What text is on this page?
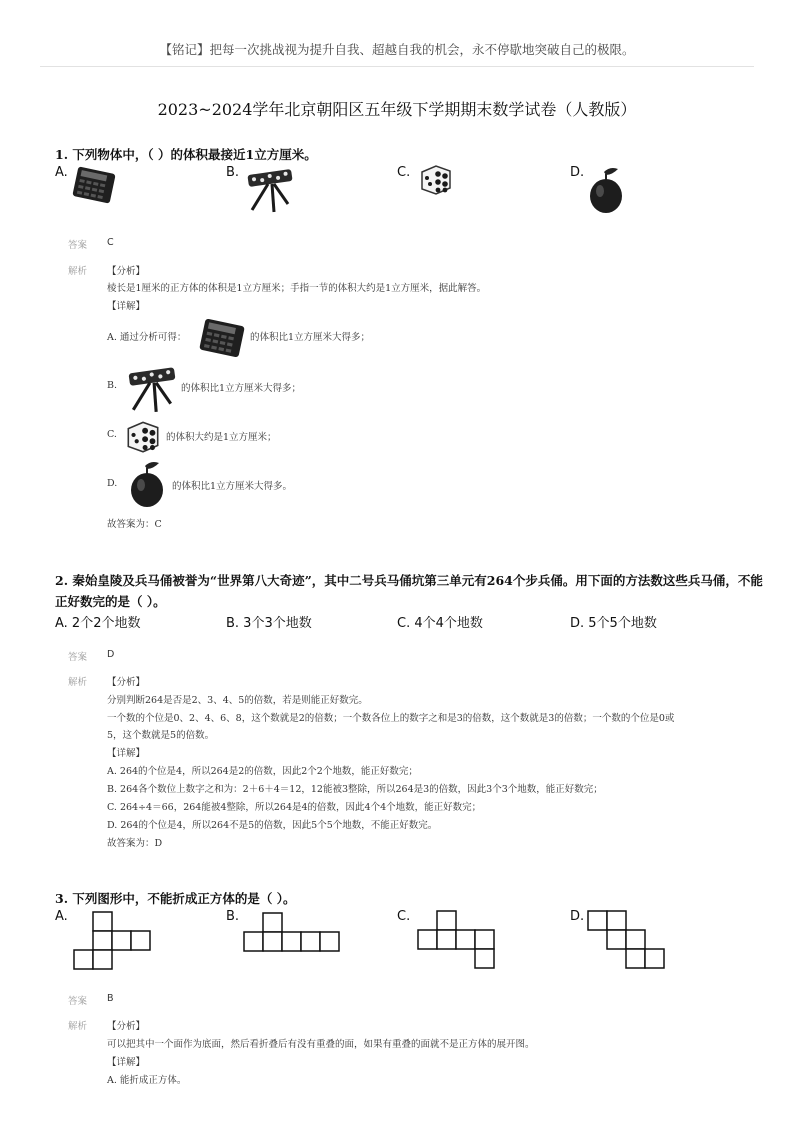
【铭记】把每一次挑战视为提升自我、超越自我的机会，永不停歇地突破自己的极限。
2023~2024学年北京朝阳区五年级下学期期末数学试卷（人教版）
1. 下列物体中，（ ）的体积最接近1立方厘米。
A.	B.	C.	D.
答案 C
解析 【分析】
棱长是1厘米的正方体的体积是1立方厘米；手指一节的体积大约是1立方厘米，据此解答。
【详解】
A. 通过分析可得：	的体积比1立方厘米大得多；
B.	的体积比1立方厘米大得多；
C.	的体积大约是1立方厘米；
D.	的体积比1立方厘米大得多。
故答案为：C
2. 秦始皇陵及兵马俑被誉为“世界第八大奇迹”，其中二号兵马俑坑第三单元有264个步兵俑。用下面的方法数这些兵马俑，不能
正好数完的是（ ）。
A. 2个2个地数	B. 3个3个地数	C. 4个4个地数	D. 5个5个地数
答案 D
解析 【分析】
分别判断264是否是2、3、4、5的倍数，若是则能正好数完。
一个数的个位是0、2、4、6、8，这个数就是2的倍数；一个数各位上的数字之和是3的倍数，这个数就是3的倍数；一个数的个位是0或
5，这个数就是5的倍数。
【详解】
A. 264的个位是4，所以264是2的倍数，因此2个2个地数，能正好数完；
B. 264各个数位上数字之和为：2＋6＋4＝12，12能被3整除，所以264是3的倍数，因此3个3个地数，能正好数完；
C. 264÷4＝66，264能被4整除，所以264是4的倍数，因此4个4个地数，能正好数完；
D. 264的个位是4，所以264不是5的倍数，因此5个5个地数，不能正好数完。
故答案为：D
3. 下列图形中，不能折成正方体的是（ ）。
A.	B.	C.	D.
答案 B
解析 【分析】
可以把其中一个面作为底面，然后看折叠后有没有重叠的面，如果有重叠的面就不是正方体的展开图。
【详解】
A. 能折成正方体。
